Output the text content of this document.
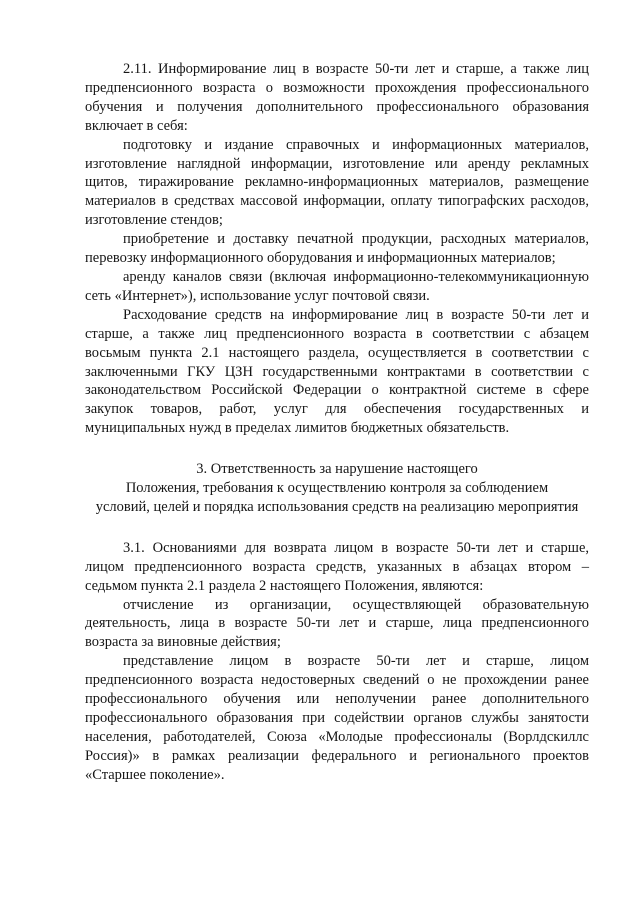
2.11. Информирование лиц в возрасте 50-ти лет и старше, а также лиц предпенсионного возраста о возможности прохождения профессионального обучения и получения дополнительного профессионального образования включает в себя:

подготовку и издание справочных и информационных материалов, изготовление наглядной информации, изготовление или аренду рекламных щитов, тиражирование рекламно-информационных материалов, размещение материалов в средствах массовой информации, оплату типографских расходов, изготовление стендов;

приобретение и доставку печатной продукции, расходных материалов, перевозку информационного оборудования и информационных материалов;

аренду каналов связи (включая информационно-телекоммуникационную сеть «Интернет»), использование услуг почтовой связи.

Расходование средств на информирование лиц в возрасте 50-ти лет и старше, а также лиц предпенсионного возраста в соответствии с абзацем восьмым пункта 2.1 настоящего раздела, осуществляется в соответствии с заключенными ГКУ ЦЗН государственными контрактами в соответствии с законодательством Российской Федерации о контрактной системе в сфере закупок товаров, работ, услуг для обеспечения государственных и муниципальных нужд в пределах лимитов бюджетных обязательств.

3. Ответственность за нарушение настоящего
Положения, требования к осуществлению контроля за соблюдением
условий, целей и порядка использования средств на реализацию мероприятия

3.1. Основаниями для возврата лицом в возрасте 50-ти лет и старше, лицом предпенсионного возраста средств, указанных в абзацах втором – седьмом пункта 2.1 раздела 2 настоящего Положения, являются:

отчисление из организации, осуществляющей образовательную деятельность, лица в возрасте 50-ти лет и старше, лица предпенсионного возраста за виновные действия;

представление лицом в возрасте 50-ти лет и старше, лицом предпенсионного возраста недостоверных сведений о не прохождении ранее профессионального обучения или неполучении ранее дополнительного профессионального образования при содействии органов службы занятости населения, работодателей, Союза «Молодые профессионалы (Ворлдскиллс Россия)» в рамках реализации федерального и регионального проектов «Старшее поколение».
